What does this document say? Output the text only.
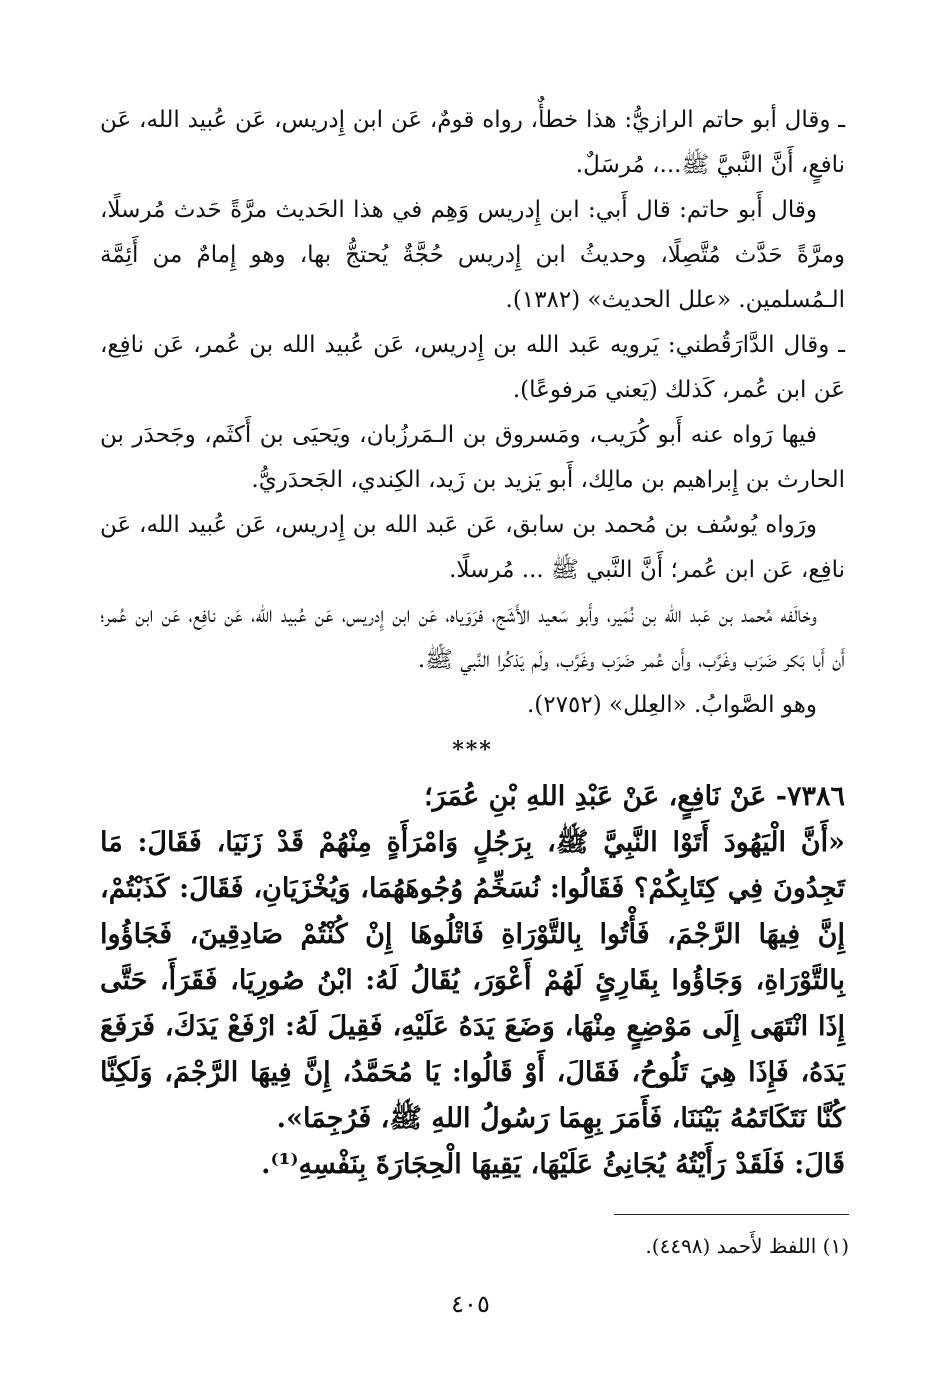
ـ وقال أبو حاتم الرازيُّ: هذا خطأٌ، رواه قومٌ، عَن ابن إِدريس، عَن عُبيد الله، عَن نافعٍ، أَنَّ النَّبيَّ ﷺ...، مُرسَلٌ.

وقال أَبو حاتم: قال أَبي: ابن إِدريس وَهِم في هذا الحَديث مرَّةً حَدث مُرسلًا، ومرَّةً حَدَّث مُتَّصِلًا، وحديثُ ابن إِدريس حُجَّةٌ يُحتجُّ بها، وهو إِمامٌ من أَئِمَّة الـمُسلمين. «علل الحديث» (١٣٨٢).

ـ وقال الدَّارَقُطني: يَرويه عَبد الله بن إِدريس، عَن عُبيد الله بن عُمر، عَن نافِع، عَن ابن عُمر، كَذلك (يَعني مَرفوعًا).

فيها رَواه عنه أَبو كُرَيب، ومَسروق بن الـمَرزُبان، ويَحيَى بن أَكثَم، وجَحدَر بن الحارث بن إِبراهيم بن مالِك، أَبو يَزيد بن زَيد، الكِندي، الجَحدَريُّ.

ورَواه يُوسُف بن مُحمد بن سابق، عَن عَبد الله بن إِدريس، عَن عُبيد الله، عَن نافِع، عَن ابن عُمر؛ أَنَّ النَّبي ﷺ ... مُرسلًا.

وخالَفه مُحمد بن عَبد الله بن نُمَير، وأَبو سَعيد الأَشَج، فرَوَياه، عَن ابن إِدريس، عَن عُبيد الله، عَن نافِع، عَن ابن عُمر؛ أَن أَبا بَكر ضَرَب وغَرَّب، وأَن عُمر ضَرَب وغَرَّب، ولَم يَذكُرا النَّبي ﷺ.

وهو الصَّوابُ. «العِلل» (٢٧٥٢).

***

٧٣٨٦- عَنْ نَافِعٍ، عَنْ عَبْدِ اللهِ بْنِ عُمَرَ؛

«أَنَّ الْيَهُودَ أَتَوْا النَّبِيَّ ﷺ، بِرَجُلٍ وَامْرَأَةٍ مِنْهُمْ قَدْ زَنَيَا، فَقَالَ: مَا تَجِدُونَ فِي كِتَابِكُمْ؟ فَقَالُوا: نُسَخِّمُ وُجُوهَهُمَا، وَيُخْزَيَانِ، فَقَالَ: كَذَبْتُمْ، إِنَّ فِيهَا الرَّجْمَ، فَأْتُوا بِالتَّوْرَاةِ فَاتْلُوهَا إِنْ كُنْتُمْ صَادِقِينَ، فَجَاؤُوا بِالتَّوْرَاةِ، وَجَاؤُوا بِقَارِئٍ لَهُمْ أَعْوَرَ، يُقَالُ لَهُ: ابْنُ صُورِيَا، فَقَرَأَ، حَتَّى إِذَا انْتَهَى إِلَى مَوْضِعٍ مِنْهَا، وَضَعَ يَدَهُ عَلَيْهِ، فَقِيلَ لَهُ: ارْفَعْ يَدَكَ، فَرَفَعَ يَدَهُ، فَإِذَا هِيَ تَلُوحُ، فَقَالَ، أَوْ قَالُوا: يَا مُحَمَّدُ، إِنَّ فِيهَا الرَّجْمَ، وَلَكِنَّا كُنَّا نَتَكَاتَمُهُ بَيْنَنَا، فَأَمَرَ بِهِمَا رَسُولُ اللهِ ﷺ، فَرُجِمَا».

قَالَ: فَلَقَدْ رَأَيْتُهُ يُجَانِئُ عَلَيْهَا، يَقِيهَا الْحِجَارَةَ بِنَفْسِهِ⁽¹⁾.

(١) اللفظ لأَحمد (٤٤٩٨).
٤٠٥
